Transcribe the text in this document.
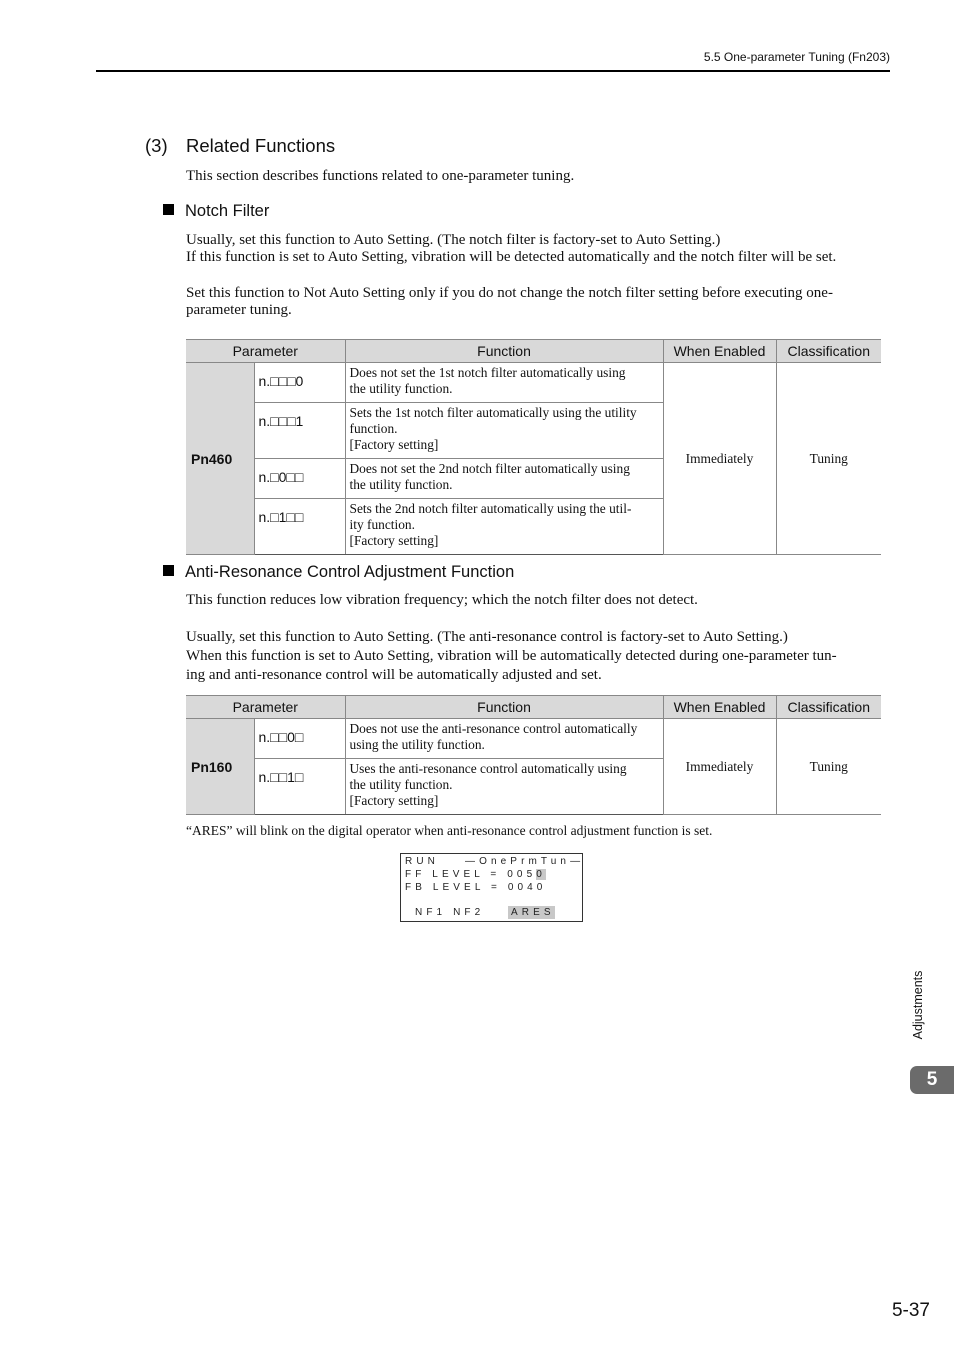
5.5 One-parameter Tuning (Fn203)
(3) Related Functions
This section describes functions related to one-parameter tuning.
Notch Filter
Usually, set this function to Auto Setting. (The notch filter is factory-set to Auto Setting.)
If this function is set to Auto Setting, vibration will be detected automatically and the notch filter will be set.
Set this function to Not Auto Setting only if you do not change the notch filter setting before executing one-
parameter tuning.
Parameter		Function	When Enabled	Classification
Pn460	n.□□□0	Does not set the 1st notch filter automatically using
the utility function.	Immediately	Tuning
	n.□□□1	Sets the 1st notch filter automatically using the utility
function.
[Factory setting]		

	n.□0□□	Does not set the 2nd notch filter automatically using
the utility function.		

	n.□1□□	Sets the 2nd notch filter automatically using the util-
ity function.
[Factory setting]		
Anti-Resonance Control Adjustment Function
This function reduces low vibration frequency; which the notch filter does not detect.
Usually, set this function to Auto Setting. (The anti-resonance control is factory-set to Auto Setting.)
When this function is set to Auto Setting, vibration will be automatically detected during one-parameter tun-
ing and anti-resonance control will be automatically adjusted and set.
Parameter		Function	When Enabled	Classification
Pn160	n.□□0□	Does not use the anti-resonance control automatically
using the utility function.	Immediately	Tuning
	n.□□1□	Uses the anti-resonance control automatically using
the utility function.
[Factory setting]		
“ARES” will blink on the digital operator when anti-resonance control adjustment function is set.
RUN	—OnePrmTun—
FF LEVEL = 0050
FB LEVEL = 0040
NF1 NF2	ARES
Adjustments
5
5-37
